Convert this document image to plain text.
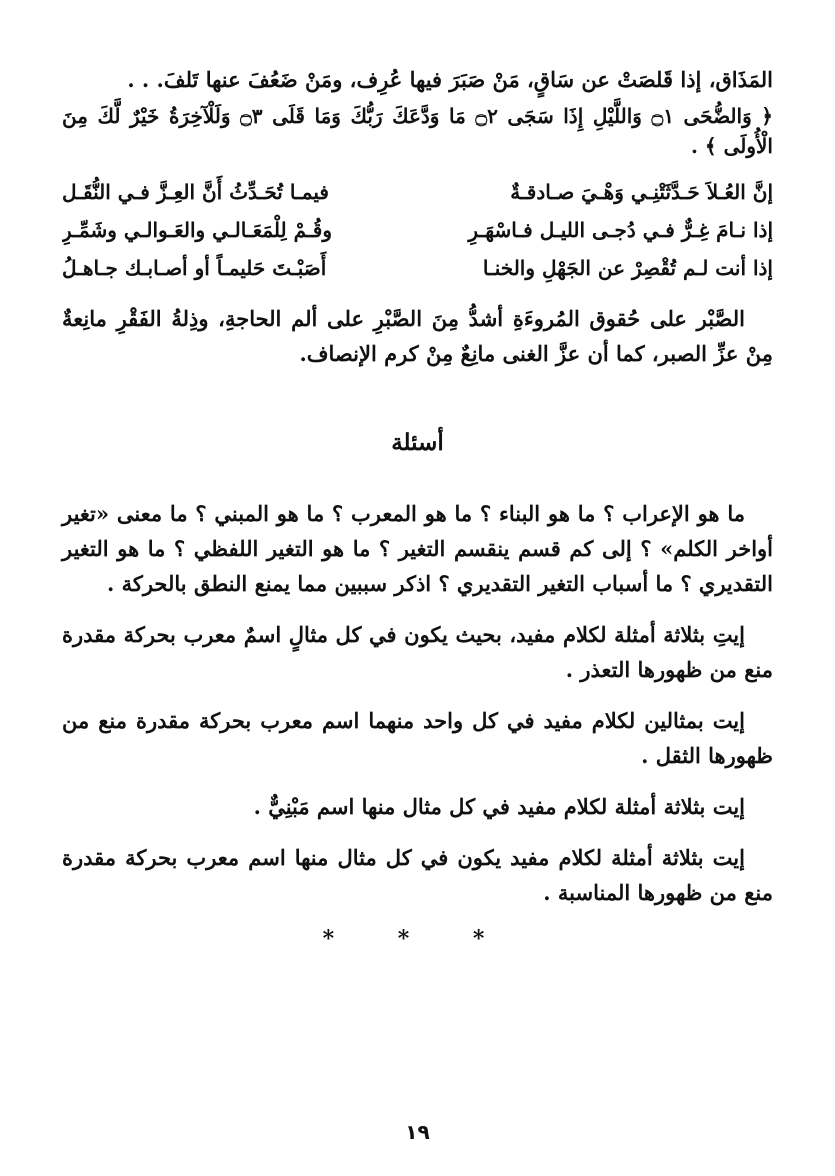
المَذَاق، إذا قَلصَتْ عن سَاقٍ، مَنْ صَبَرَ فيها عُرِف، ومَنْ ضَعُفَ عنها تَلفَ. . .

﴿ وَالضُّحَى ۝١ وَاللَّيْلِ إِذَا سَجَى ۝٢ مَا وَدَّعَكَ رَبُّكَ وَمَا قَلَى ۝٣ وَلَلْآخِرَةُ خَيْرٌ لَّكَ مِنَ الْأُولَى ﴾ .

إنَّ العُـلاَ حَـدَّثَتْنِـي وَهْـيَ صـادقـةٌ
فيمـا تُحَـدِّثُ أَنَّ العِـزَّ فـي النُّقَـل
إذا نـامَ غِـرٌّ فـي دُجـى الليـل فـاسْهَـرِ
وقُـمْ لِلْمَعَـالـي والعَـوالـي وشَمِّـرِ
إذا أنت لـم تُقْصِرْ عن الجَهْلِ والخنـا
أَصَبْـتَ حَليمـاً أو أصـابـك جـاهـلُ

الصَّبْر على حُقوق المُروءَةِ أشدُّ مِنَ الصَّبْرِ على ألم الحاجةِ، وذِلةُ الفَقْرِ مانِعةٌ مِنْ عزِّ الصبر، كما أن عزَّ الغنى مانِعٌ مِنْ كرم الإنصاف.

أسئلة

ما هو الإعراب ؟ ما هو البناء ؟ ما هو المعرب ؟ ما هو المبني ؟ ما معنى «تغير أواخر الكلم» ؟ إلى كم قسم ينقسم التغير ؟ ما هو التغير اللفظي ؟ ما هو التغير التقديري ؟ ما أسباب التغير التقديري ؟ اذكر سببين مما يمنع النطق بالحركة .

إيتِ بثلاثة أمثلة لكلام مفيد، بحيث يكون في كل مثالٍ اسمٌ معرب بحركة مقدرة منع من ظهورها التعذر .

إيت بمثالين لكلام مفيد في كل واحد منهما اسم معرب بحركة مقدرة منع من ظهورها الثقل .

إيت بثلاثة أمثلة لكلام مفيد في كل مثال منها اسم مَبْنِيٌّ .

إيت بثلاثة أمثلة لكلام مفيد يكون في كل مثال منها اسم معرب بحركة مقدرة منع من ظهورها المناسبة .

* * *
١٩
